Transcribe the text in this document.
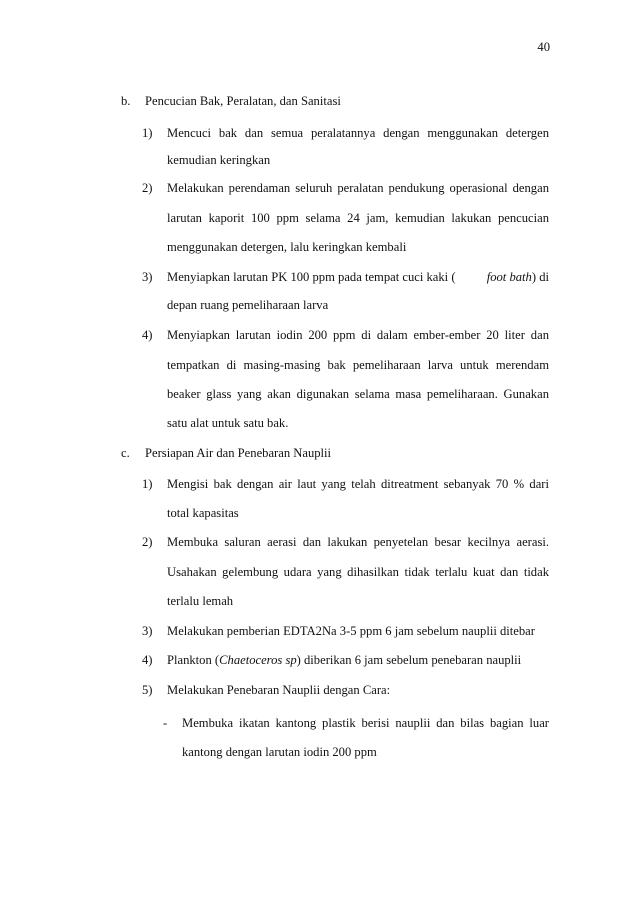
40
b. Pencucian Bak, Peralatan, dan Sanitasi
1) Mencuci bak dan semua peralatannya dengan menggunakan detergen
kemudian keringkan
2) Melakukan perendaman seluruh peralatan pendukung operasional dengan
larutan kaporit 100 ppm selama 24 jam, kemudian lakukan pencucian
menggunakan detergen, lalu keringkan kembali
3) Menyiapkan larutan PK 100 ppm pada tempat cuci kaki (	foot bath ) di
depan ruang pemeliharaan larva
4) Menyiapkan larutan iodin 200 ppm di dalam ember-ember 20 liter dan
tempatkan di masing-masing bak pemeliharaan larva untuk merendam
beaker glass yang akan digunakan selama masa pemeliharaan. Gunakan
satu alat untuk satu bak.
c. Persiapan Air dan Penebaran Nauplii
1) Mengisi bak dengan air laut yang telah ditreatment sebanyak 70 % dari
total kapasitas
2) Membuka saluran aerasi dan lakukan penyetelan besar kecilnya aerasi.
Usahakan gelembung udara yang dihasilkan tidak terlalu kuat dan tidak
terlalu lemah
3) Melakukan pemberian EDTA2Na 3-5 ppm 6 jam sebelum nauplii ditebar
4) Plankton (Chaetoceros sp) diberikan 6 jam sebelum penebaran nauplii
5) Melakukan Penebaran Nauplii dengan Cara:
- Membuka ikatan kantong plastik berisi nauplii dan bilas bagian luar
kantong dengan larutan iodin 200 ppm
